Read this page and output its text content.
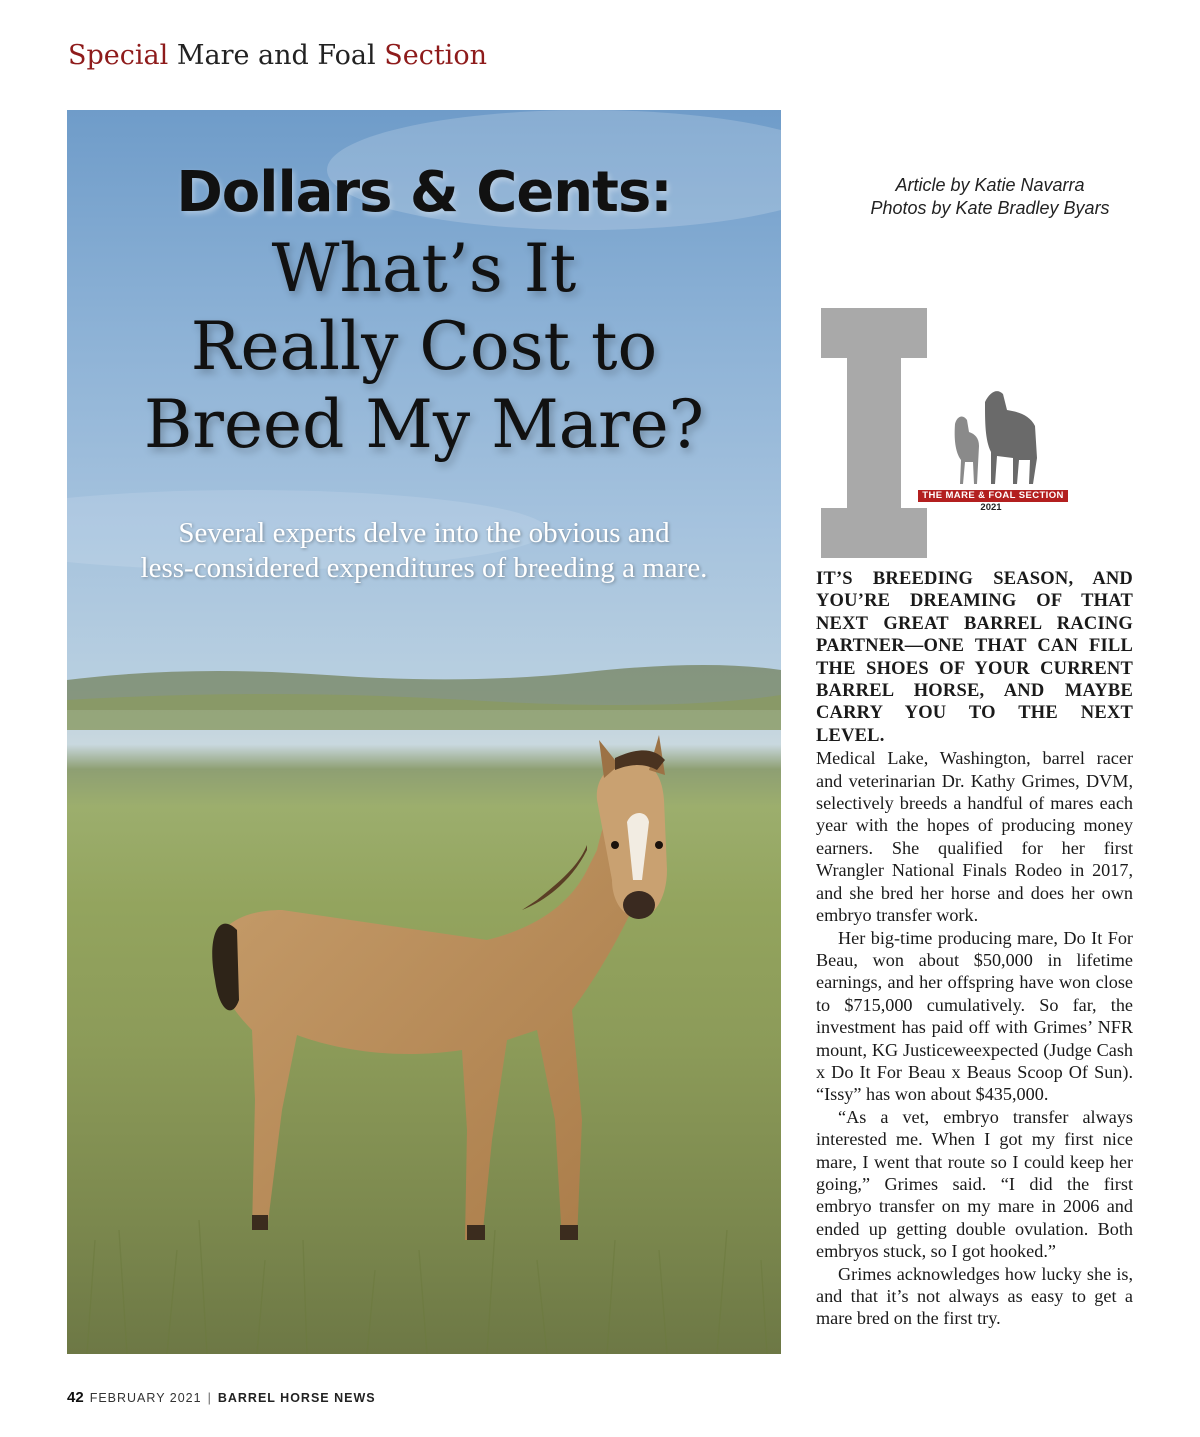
Special Mare and Foal Section
Dollars & Cents:
What’s It
Really Cost to
Breed My Mare?
Several experts delve into the obvious and
less-considered expenditures of breeding a mare.
Article by Katie Navarra
Photos by Kate Bradley Byars
THE MARE & FOAL SECTION
2021

IT’S BREEDING SEASON, AND YOU’RE DREAMING OF THAT NEXT GREAT BARREL RACING PARTNER—ONE THAT CAN FILL THE SHOES OF YOUR CURRENT BARREL HORSE, AND MAYBE CARRY YOU TO THE NEXT LEVEL.

Medical Lake, Washington, barrel racer and veterinarian Dr. Kathy Grimes, DVM, selectively breeds a handful of mares each year with the hopes of producing money earners. She qualified for her first Wrangler National Finals Rodeo in 2017, and she bred her horse and does her own embryo transfer work.

Her big-time producing mare, Do It For Beau, won about $50,000 in lifetime earnings, and her offspring have won close to $715,000 cumulatively. So far, the investment has paid off with Grimes’ NFR mount, KG Justiceweexpected (Judge Cash x Do It For Beau x Beaus Scoop Of Sun). “Issy” has won about $435,000.

“As a vet, embryo transfer always interested me. When I got my first nice mare, I went that route so I could keep her going,” Grimes said. “I did the first embryo transfer on my mare in 2006 and ended up getting double ovulation. Both embryos stuck, so I got hooked.”

Grimes acknowledges how lucky she is, and that it’s not always as easy to get a mare bred on the first try.

42 FEBRUARY 2021 | BARREL HORSE NEWS
